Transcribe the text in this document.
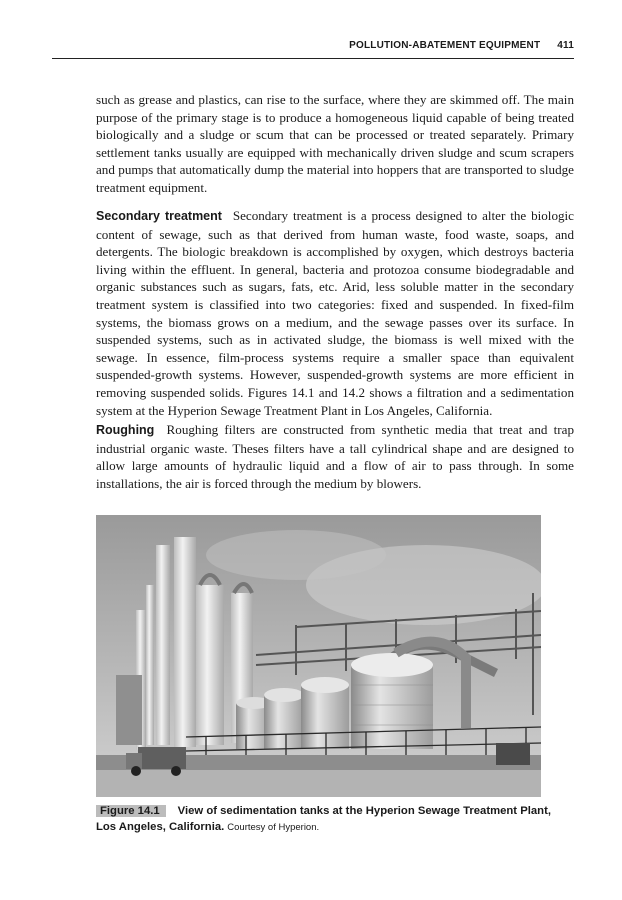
POLLUTION-ABATEMENT EQUIPMENT 411

such as grease and plastics, can rise to the surface, where they are skimmed off. The main purpose of the primary stage is to produce a homogeneous liquid capable of being treated biologically and a sludge or scum that can be processed or treated separately. Primary settlement tanks usually are equipped with mechanically driven sludge and scum scrapers and pumps that automatically dump the material into hoppers that are transported to sludge treatment equipment.

Secondary treatment Secondary treatment is a process designed to alter the biologic content of sewage, such as that derived from human waste, food waste, soaps, and detergents. The biologic breakdown is accomplished by oxygen, which destroys bacteria living within the effluent. In general, bacteria and protozoa consume biodegradable and organic substances such as sugars, fats, etc. Arid, less soluble matter in the secondary treatment system is classified into two categories: fixed and suspended. In fixed-film systems, the biomass grows on a medium, and the sewage passes over its surface. In suspended systems, such as in activated sludge, the biomass is well mixed with the sewage. In essence, film-process systems require a smaller space than equivalent suspended-growth systems. However, suspended-growth systems are more efficient in removing suspended solids. Figures 14.1 and 14.2 shows a filtration and a sedimentation system at the Hyperion Sewage Treatment Plant in Los Angeles, California.

Roughing Roughing filters are constructed from synthetic media that treat and trap industrial organic waste. Theses filters have a tall cylindrical shape and are designed to allow large amounts of hydraulic liquid and a flow of air to pass through. In some installations, the air is forced through the medium by blowers.

Figure 14.1 View of sedimentation tanks at the Hyperion Sewage Treatment Plant, Los Angeles, California. Courtesy of Hyperion.
